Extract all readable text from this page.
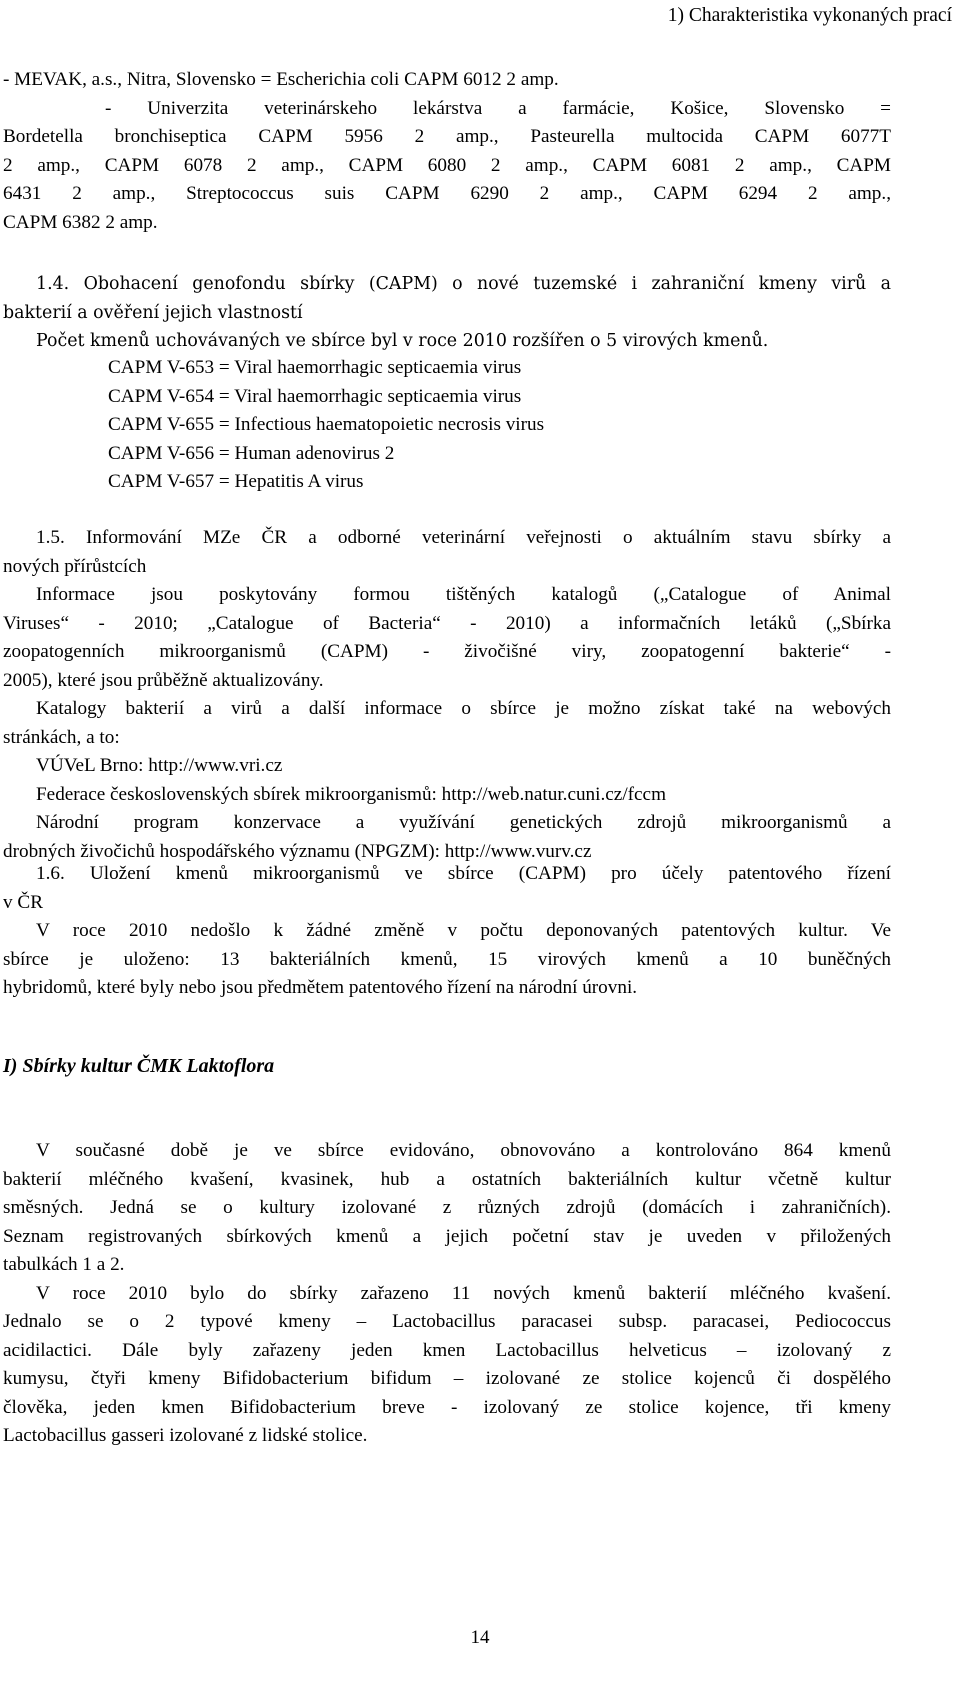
1) Charakteristika vykonaných prací
- MEVAK, a.s., Nitra, Slovensko = Escherichia coli CAPM 6012 2 amp.
- Univerzita veterinárskeho lekárstva a farmácie, Košice, Slovensko =
Bordetella bronchiseptica CAPM 5956 2 amp., Pasteurella multocida CAPM 6077T
2 amp., CAPM 6078 2 amp., CAPM 6080 2 amp., CAPM 6081 2 amp., CAPM
6431 2 amp., Streptococcus suis CAPM 6290 2 amp., CAPM 6294 2 amp.,
CAPM 6382 2 amp.
1.4. Obohacení genofondu sbírky (CAPM) o nové tuzemské i zahraniční kmeny virů a
bakterií a ověření jejich vlastností
Počet kmenů uchovávaných ve sbírce byl v roce 2010 rozšířen o 5 virových kmenů.
CAPM V-653 = Viral haemorrhagic septicaemia virus
CAPM V-654 = Viral haemorrhagic septicaemia virus
CAPM V-655 = Infectious haematopoietic necrosis virus
CAPM V-656 = Human adenovirus 2
CAPM V-657 = Hepatitis A virus
1.5. Informování MZe ČR a odborné veterinární veřejnosti o aktuálním stavu sbírky a
nových přírůstcích
Informace jsou poskytovány formou tištěných katalogů („Catalogue of Animal
Viruses“ - 2010; „Catalogue of Bacteria“ - 2010) a informačních letáků („Sbírka
zoopatogenních mikroorganismů (CAPM) - živočišné viry, zoopatogenní bakterie“ -
2005), které jsou průběžně aktualizovány.
Katalogy bakterií a virů a další informace o sbírce je možno získat také na webových
stránkách, a to:
VÚVeL Brno: http://www.vri.cz
Federace československých sbírek mikroorganismů: http://web.natur.cuni.cz/fccm
Národní program konzervace a využívání genetických zdrojů mikroorganismů a
drobných živočichů hospodářského významu (NPGZM): http://www.vurv.cz
1.6. Uložení kmenů mikroorganismů ve sbírce (CAPM) pro účely patentového řízení
v ČR
V roce 2010 nedošlo k žádné změně v počtu deponovaných patentových kultur. Ve
sbírce je uloženo: 13 bakteriálních kmenů, 15 virových kmenů a 10 buněčných
hybridomů, které byly nebo jsou předmětem patentového řízení na národní úrovni.
I) Sbírky kultur ČMK Laktoflora
V současné době je ve sbírce evidováno, obnovováno a kontrolováno 864 kmenů
bakterií mléčného kvašení, kvasinek, hub a ostatních bakteriálních kultur včetně kultur
směsných. Jedná se o kultury izolované z různých zdrojů (domácích i zahraničních).
Seznam registrovaných sbírkových kmenů a jejich početní stav je uveden v přiložených
tabulkách 1 a 2.
V roce 2010 bylo do sbírky zařazeno 11 nových kmenů bakterií mléčného kvašení.
Jednalo se o 2 typové kmeny – Lactobacillus paracasei subsp. paracasei, Pediococcus
acidilactici. Dále byly zařazeny jeden kmen Lactobacillus helveticus – izolovaný z
kumysu, čtyři kmeny Bifidobacterium bifidum – izolované ze stolice kojenců či dospělého
člověka, jeden kmen Bifidobacterium breve - izolovaný ze stolice kojence, tři kmeny
Lactobacillus gasseri izolované z lidské stolice.
14
